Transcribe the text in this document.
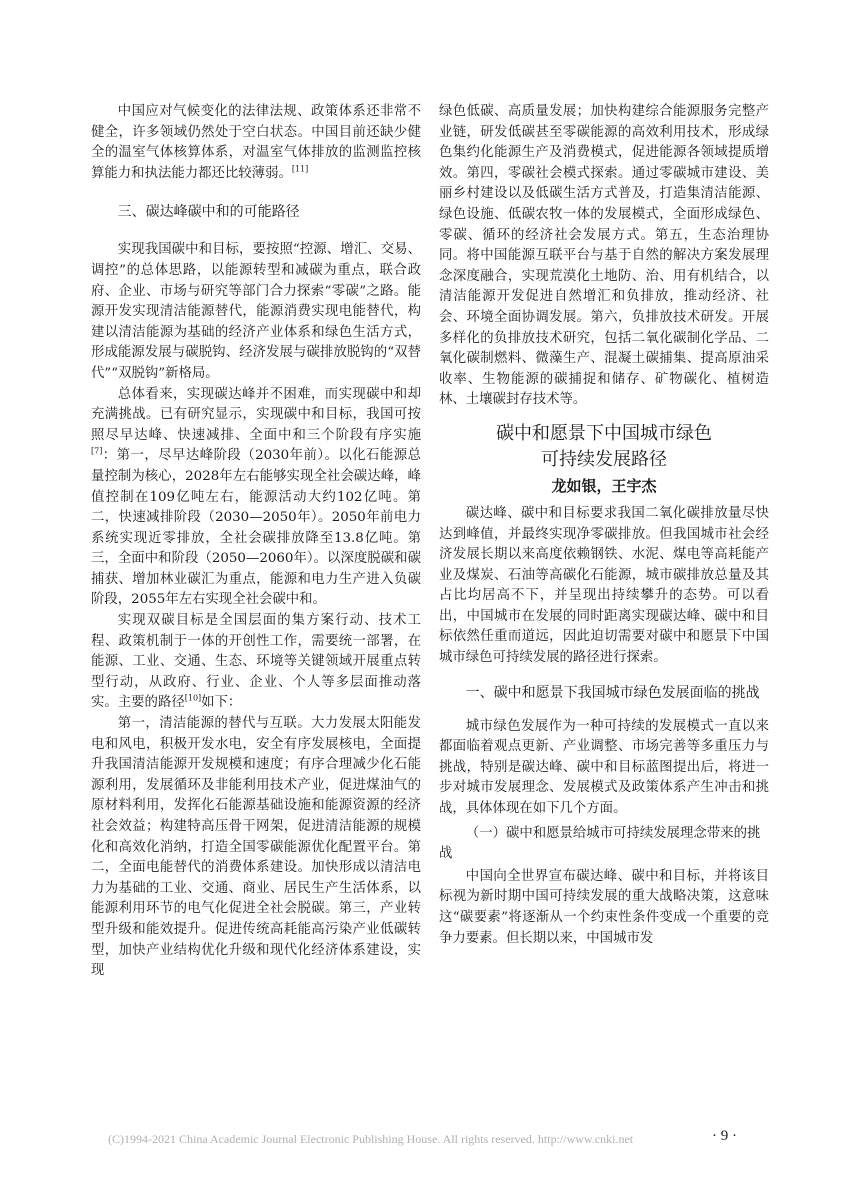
中国应对气候变化的法律法规、政策体系还非常不健全，许多领域仍然处于空白状态。中国目前还缺少健全的温室气体核算体系，对温室气体排放的监测监控核算能力和执法能力都还比较薄弱。[11]

三、碳达峰碳中和的可能路径

实现我国碳中和目标，要按照“控源、增汇、交易、调控”的总体思路，以能源转型和减碳为重点，联合政府、企业、市场与研究等部门合力探索“零碳”之路。能源开发实现清洁能源替代，能源消费实现电能替代，构建以清洁能源为基础的经济产业体系和绿色生活方式，形成能源发展与碳脱钩、经济发展与碳排放脱钩的“双替代”“双脱钩”新格局。

总体看来，实现碳达峰并不困难，而实现碳中和却充满挑战。已有研究显示，实现碳中和目标，我国可按照尽早达峰、快速减排、全面中和三个阶段有序实施[7]：第一，尽早达峰阶段（2030年前）。以化石能源总量控制为核心，2028年左右能够实现全社会碳达峰，峰值控制在109亿吨左右，能源活动大约102亿吨。第二，快速减排阶段（2030—2050年）。2050年前电力系统实现近零排放，全社会碳排放降至13.8亿吨。第三，全面中和阶段（2050—2060年）。以深度脱碳和碳捕获、增加林业碳汇为重点，能源和电力生产进入负碳阶段，2055年左右实现全社会碳中和。

实现双碳目标是全国层面的集方案行动、技术工程、政策机制于一体的开创性工作，需要统一部署，在能源、工业、交通、生态、环境等关键领域开展重点转型行动，从政府、行业、企业、个人等多层面推动落实。主要的路径[10]如下：

第一，清洁能源的替代与互联。大力发展太阳能发电和风电，积极开发水电，安全有序发展核电，全面提升我国清洁能源开发规模和速度；有序合理减少化石能源利用，发展循环及非能利用技术产业，促进煤油气的原材料利用，发挥化石能源基础设施和能源资源的经济社会效益；构建特高压骨干网架，促进清洁能源的规模化和高效化消纳，打造全国零碳能源优化配置平台。第二，全面电能替代的消费体系建设。加快形成以清洁电力为基础的工业、交通、商业、居民生产生活体系，以能源利用环节的电气化促进全社会脱碳。第三，产业转型升级和能效提升。促进传统高耗能高污染产业低碳转型，加快产业结构优化升级和现代化经济体系建设，实现

绿色低碳、高质量发展；加快构建综合能源服务完整产业链，研发低碳甚至零碳能源的高效利用技术，形成绿色集约化能源生产及消费模式，促进能源各领域提质增效。第四，零碳社会模式探索。通过零碳城市建设、美丽乡村建设以及低碳生活方式普及，打造集清洁能源、绿色设施、低碳农牧一体的发展模式，全面形成绿色、零碳、循环的经济社会发展方式。第五，生态治理协同。将中国能源互联平台与基于自然的解决方案发展理念深度融合，实现荒漠化土地防、治、用有机结合，以清洁能源开发促进自然增汇和负排放，推动经济、社会、环境全面协调发展。第六，负排放技术研发。开展多样化的负排放技术研究，包括二氧化碳制化学品、二氧化碳制燃料、微藻生产、混凝土碳捕集、提高原油采收率、生物能源的碳捕捉和储存、矿物碳化、植树造林、土壤碳封存技术等。

碳中和愿景下中国城市绿色
可持续发展路径
龙如银，王宇杰

碳达峰、碳中和目标要求我国二氧化碳排放量尽快达到峰值，并最终实现净零碳排放。但我国城市社会经济发展长期以来高度依赖钢铁、水泥、煤电等高耗能产业及煤炭、石油等高碳化石能源，城市碳排放总量及其占比均居高不下，并呈现出持续攀升的态势。可以看出，中国城市在发展的同时距离实现碳达峰、碳中和目标依然任重而道远，因此迫切需要对碳中和愿景下中国城市绿色可持续发展的路径进行探索。

一、碳中和愿景下我国城市绿色发展面临的挑战

城市绿色发展作为一种可持续的发展模式一直以来都面临着观点更新、产业调整、市场完善等多重压力与挑战，特别是碳达峰、碳中和目标蓝图提出后，将进一步对城市发展理念、发展模式及政策体系产生冲击和挑战，具体体现在如下几个方面。

（一）碳中和愿景给城市可持续发展理念带来的挑战

中国向全世界宣布碳达峰、碳中和目标，并将该目标视为新时期中国可持续发展的重大战略决策，这意味这“碳要素”将逐渐从一个约束性条件变成一个重要的竞争力要素。但长期以来，中国城市发

· 9 ·
(C)1994-2021 China Academic Journal Electronic Publishing House. All rights reserved. http://www.cnki.net
